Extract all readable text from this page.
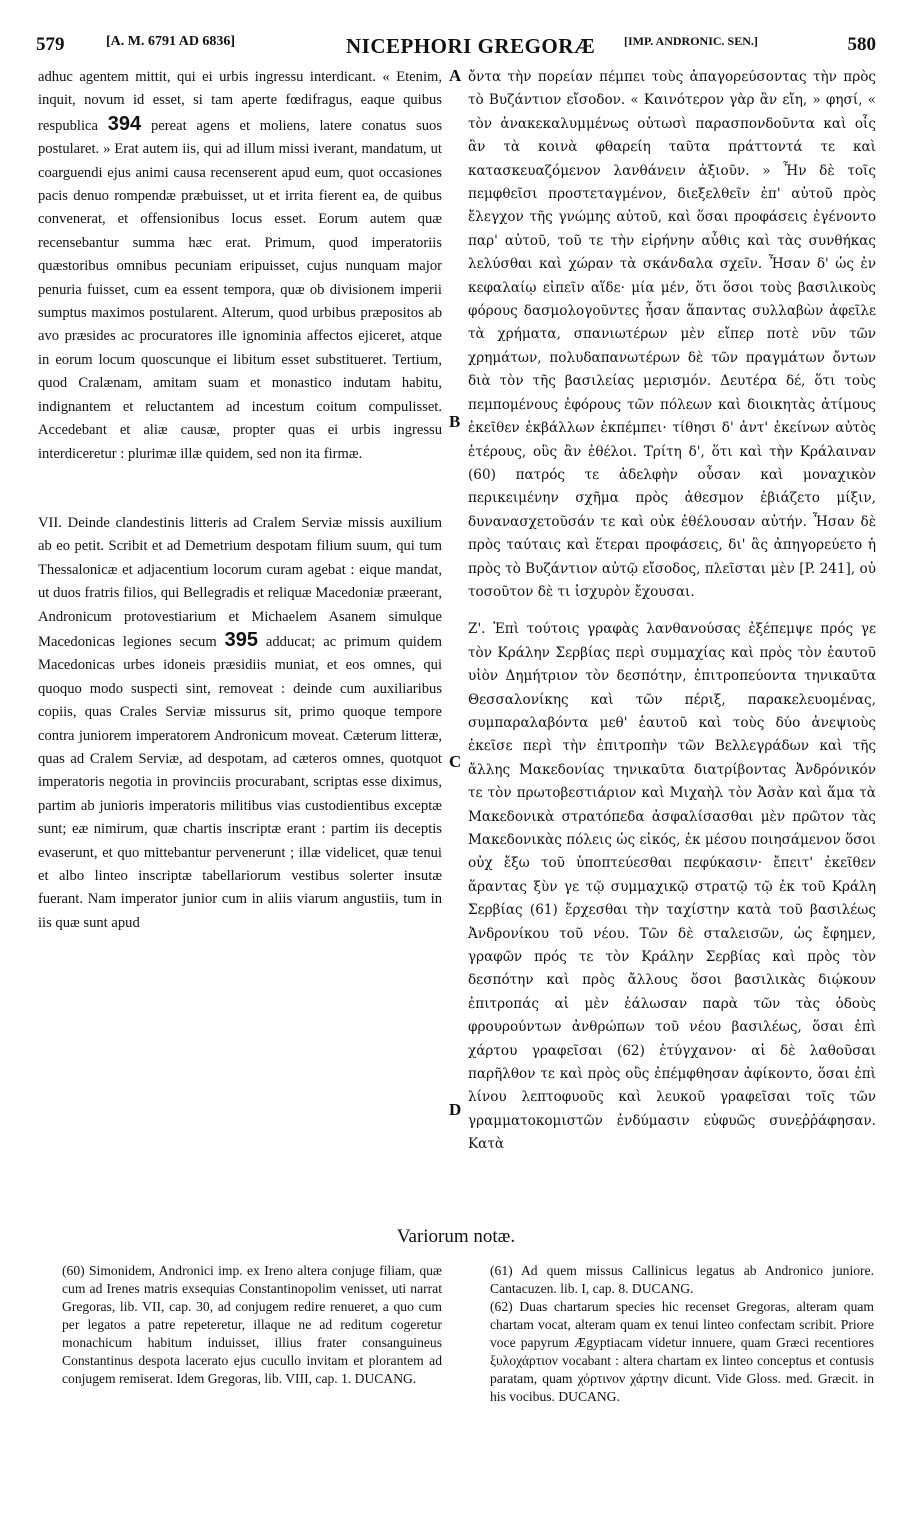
579	[A. M. 6791 AD 6836]	NICEPHORI GREGORÆ [IMP. ANDRONIC. SEN.]	580

adhuc agentem mittit, qui ei urbis ingressu interdicant. « Etenim, inquit, novum id esset, si tam aperte fœdifragus, eaque quibus respublica 394 pereat agens et moliens, latere conatus suos postularet. » Erat autem iis, qui ad illum missi iverant, mandatum, ut coarguendi ejus animi causa recenserent apud eum, quot occasiones pacis denuo rompendæ præbuisset, ut et irrita fierent ea, de quibus convenerat, et offensionibus locus esset. Eorum autem quæ recensebantur summa hæc erat. Primum, quod imperatoriis quæstoribus omnibus pecuniam eripuisset, cujus nunquam major penuria fuisset, cum ea essent tempora, quæ ob divisionem imperii sumptus maximos postularent. Alterum, quod urbibus præpositos ab avo præsides ac procuratores ille ignominia affectos ejiceret, atque in eorum locum quoscunque ei libitum esset substitueret. Tertium, quod Cralænam, amitam suam et monastico indutam habitu, indignantem et reluctantem ad incestum coitum compulisset. Accedebant et aliæ causæ, propter quas ei urbis ingressu interdiceretur : plurimæ illæ quidem, sed non ita firmæ.

VII. Deinde clandestinis litteris ad Cralem Serviæ missis auxilium ab eo petit. Scribit et ad Demetrium despotam filium suum, qui tum Thessalonicæ et adjacentium locorum curam agebat : eique mandat, ut duos fratris filios, qui Bellegradis et reliquæ Macedoniæ præerant, Andronicum protovestiarium et Michaelem Asanem simulque Macedonicas legiones secum 395 adducat; ac primum quidem Macedonicas urbes idoneis præsidiis muniat, et eos omnes, qui quoquo modo suspecti sint, removeat : deinde cum auxiliaribus copiis, quas Crales Serviæ missurus sit, primo quoque tempore contra juniorem imperatorem Andronicum moveat. Cæterum litteræ, quas ad Cralem Serviæ, ad despotam, ad cæteros omnes, quotquot imperatoris negotia in provinciis procurabant, scriptas esse diximus, partim ab junioris imperatoris militibus vias custodientibus exceptæ sunt; eæ nimirum, quæ chartis inscriptæ erant : partim iis deceptis evaserunt, et quo mittebantur pervenerunt ; illæ videlicet, quæ tenui et albo linteo inscriptæ tabellariorum vestibus solerter insutæ fuerant. Nam imperator junior cum in aliis viarum angustiis, tum in iis quæ sunt apud

A
B
C
D

ὄντα τὴν πορείαν πέμπει τοὺς ἀπαγορεύσοντας τὴν πρὸς τὸ Βυζάντιον εἴσοδον. « Καινότερον γὰρ ἂν εἴη, » φησί, « τὸν ἀνακεκαλυμμένως οὑτωσὶ παρασπονδοῦντα καὶ οἷς ἂν τὰ κοινὰ φθαρείη ταῦτα πράττοντά τε καὶ κατασκευαζόμενον λανθάνειν ἀξιοῦν. » Ἦν δὲ τοῖς πεμφθεῖσι προστεταγμένον, διεξελθεῖν ἐπ' αὐτοῦ πρὸς ἔλεγχον τῆς γνώμης αὐτοῦ, καὶ ὅσαι προφάσεις ἐγένοντο παρ' αὐτοῦ, τοῦ τε τὴν εἰρήνην αὖθις καὶ τὰς συνθήκας λελύσθαι καὶ χώραν τὰ σκάνδαλα σχεῖν. Ἦσαν δ' ὡς ἐν κεφαλαίῳ εἰπεῖν αἵδε· μία μέν, ὅτι ὅσοι τοὺς βασιλικοὺς φόρους δασμολογοῦντες ἦσαν ἅπαντας συλλαβὼν ἀφεῖλε τὰ χρήματα, σπανιωτέρων μὲν εἴπερ ποτὲ νῦν τῶν χρημάτων, πολυδαπανωτέρων δὲ τῶν πραγμάτων ὄντων διὰ τὸν τῆς βασιλείας μερισμόν. Δευτέρα δέ, ὅτι τοὺς πεμπομένους ἐφόρους τῶν πόλεων καὶ διοικητὰς ἀτίμους ἐκεῖθεν ἐκβάλλων ἐκπέμπει· τίθησι δ' ἀντ' ἐκείνων αὐτὸς ἑτέρους, οὓς ἂν ἐθέλοι. Τρίτη δ', ὅτι καὶ τὴν Κράλαιναν (60) πατρός τε ἀδελφὴν οὖσαν καὶ μοναχικὸν περικειμένην σχῆμα πρὸς ἀθεσμον ἐβιάζετο μίξιν, δυνανασχετοῦσάν τε καὶ οὐκ ἐθέλουσαν αὐτήν. Ἦσαν δὲ πρὸς ταύταις καὶ ἕτεραι προφάσεις, δι' ἃς ἀπηγορεύετο ἡ πρὸς τὸ Βυζάντιον αὐτῷ εἴσοδος, πλεῖσται μὲν [P. 241], οὐ τοσοῦτον δὲ τι ἰσχυρὸν ἔχουσαι.

Ζ'. Ἐπὶ τούτοις γραφὰς λανθανούσας ἐξέπεμψε πρός γε τὸν Κράλην Σερβίας περὶ συμμαχίας καὶ πρὸς τὸν ἑαυτοῦ υἱὸν Δημήτριον τὸν δεσπότην, ἐπιτροπεύοντα τηνικαῦτα Θεσσαλονίκης καὶ τῶν πέριξ, παρακελευομένας, συμπαραλαβόντα μεθ' ἑαυτοῦ καὶ τοὺς δύο ἀνεψιοὺς ἐκεῖσε περὶ τὴν ἐπιτροπὴν τῶν Βελλεγράδων καὶ τῆς ἄλλης Μακεδονίας τηνικαῦτα διατρίβοντας Ἀνδρόνικόν τε τὸν πρωτοβεστιάριον καὶ Μιχαὴλ τὸν Ἀσὰν καὶ ἅμα τὰ Μακεδονικὰ στρατόπεδα ἀσφαλίσασθαι μὲν πρῶτον τὰς Μακεδονικὰς πόλεις ὡς εἰκός, ἐκ μέσου ποιησάμενον ὅσοι οὐχ ἔξω τοῦ ὑποπτεύεσθαι πεφύκασιν· ἔπειτ' ἐκεῖθεν ἅραντας ξὺν γε τῷ συμμαχικῷ στρατῷ τῷ ἐκ τοῦ Κράλη Σερβίας (61) ἔρχεσθαι τὴν ταχίστην κατὰ τοῦ βασιλέως Ἀνδρονίκου τοῦ νέου. Τῶν δὲ σταλεισῶν, ὡς ἔφημεν, γραφῶν πρός τε τὸν Κράλην Σερβίας καὶ πρὸς τὸν δεσπότην καὶ πρὸς ἄλλους ὅσοι βασιλικὰς διῴκουν ἐπιτροπάς αἱ μὲν ἑάλωσαν παρὰ τῶν τὰς ὁδοὺς φρουρούντων ἀνθρώπων τοῦ νέου βασιλέως, ὅσαι ἐπὶ χάρτου γραφεῖσαι (62) ἐτύγχανον· αἱ δὲ λαθοῦσαι παρῆλθον τε καὶ πρὸς οὓς ἐπέμφθησαν ἀφίκοντο, ὅσαι ἐπὶ λίνου λεπτοφυοῦς καὶ λευκοῦ γραφεῖσαι τοῖς τῶν γραμματοκομιστῶν ἐνδύμασιν εὐφυῶς συνεῤῥάφησαν. Κατὰ

Variorum notæ.

(60) Simonidem, Andronici imp. ex Ireno altera conjuge filiam, quæ cum ad Irenes matris exsequias Constantinopolim venisset, uti narrat Gregoras, lib. VII, cap. 30, ad conjugem redire renueret, a quo cum per legatos a patre repeteretur, illaque ne ad reditum cogeretur monachicum habitum induisset, illius frater consanguineus Constantinus despota lacerato ejus cucullo invitam et plorantem ad conjugem remiserat. Idem Gregoras, lib. VIII, cap. 1. DUCANG.

(61) Ad quem missus Callinicus legatus ab Andronico juniore. Cantacuzen. lib. I, cap. 8. DUCANG.

(62) Duas chartarum species hic recenset Gregoras, alteram quam chartam vocat, alteram quam ex tenui linteo confectam scribit. Priore voce papyrum Ægyptiacam videtur innuere, quam Græci recentiores ξυλοχάρτιον vocabant : altera chartam ex linteo conceptus et contusis paratam, quam χόρτινον χάρτην dicunt. Vide Gloss. med. Græcit. in his vocibus. DUCANG.
